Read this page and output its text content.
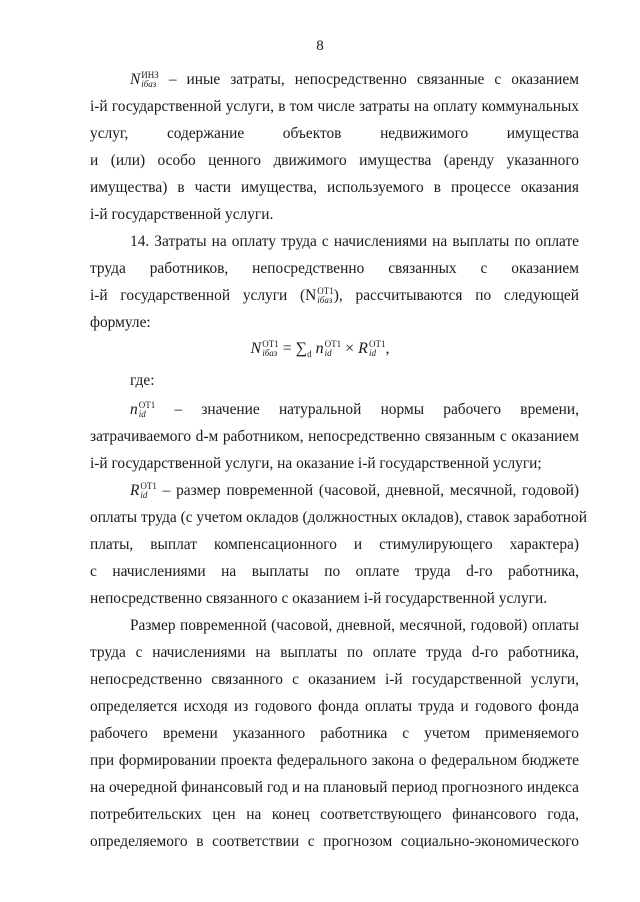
8
N ИНЗ
iбаз – иные затраты, непосредственно связанные с оказанием
i-й государственной услуги, в том числе затраты на оплату коммунальных
услуг, содержание объектов недвижимого имущества
и (или) особо ценного движимого имущества (аренду указанного
имущества) в части имущества, используемого в процессе оказания
i-й государственной услуги.
14. Затраты на оплату труда с начислениями на выплаты по оплате
труда работников, непосредственно связанных с оказанием
i-й государственной услуги (N ОТ1
iбаз ), рассчитываются по следующей
формуле:
N ОТ1
iбаз = $\sum_d$ n ОТ1
id × R ОТ1
id ,
где:
n ОТ1
id	– значение натуральной нормы рабочего времени,
затрачиваемого d-м работником, непосредственно связанным с оказанием
i-й государственной услуги, на оказание i-й государственной услуги;
R ОТ1
id – размер повременной (часовой, дневной, месячной, годовой)
оплаты труда (с учетом окладов (должностных окладов), ставок заработной
платы, выплат компенсационного и стимулирующего характера)
с начислениями на выплаты по оплате труда d-го работника,
непосредственно связанного с оказанием i-й государственной услуги.
Размер повременной (часовой, дневной, месячной, годовой) оплаты
труда с начислениями на выплаты по оплате труда d-го работника,
непосредственно связанного с оказанием i-й государственной услуги,
определяется исходя из годового фонда оплаты труда и годового фонда
рабочего времени указанного работника с учетом применяемого
при формировании проекта федерального закона о федеральном бюджете
на очередной финансовый год и на плановый период прогнозного индекса
потребительских цен на конец соответствующего финансового года,
определяемого в соответствии с прогнозом социально-экономического
